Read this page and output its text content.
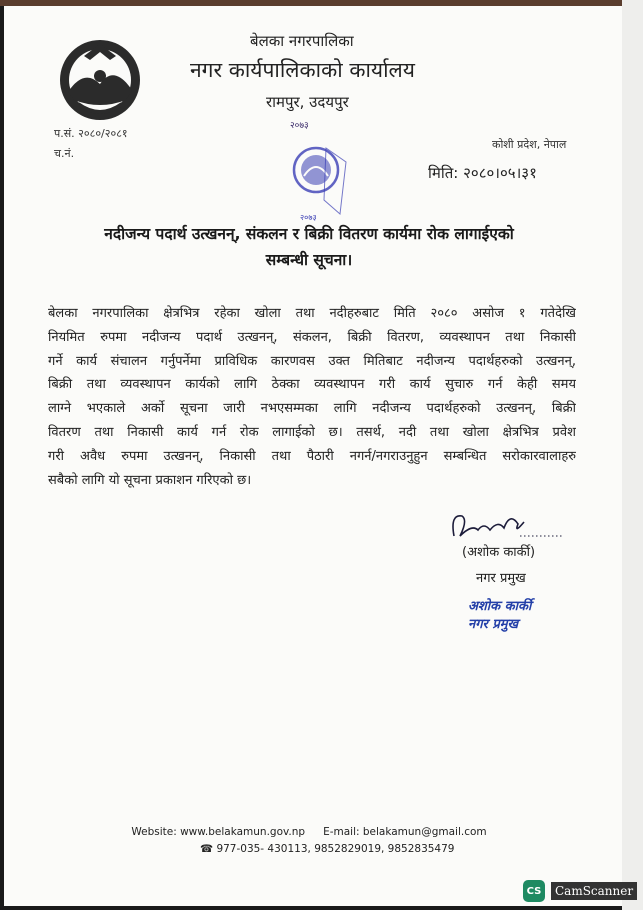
बेलका नगरपालिका
नगर कार्यपालिकाको कार्यालय
रामपुर, उदयपुर
प.सं. २०८०/२०८१
च.नं.
कोशी प्रदेश, नेपाल
मिति: २०८०।०५।३१
२०७३
२०७३
नदीजन्य पदार्थ उत्खनन्, संकलन र बिक्री वितरण कार्यमा रोक लागाईएको
सम्बन्धी सूचना।
बेलका नगरपालिका क्षेत्रभित्र रहेका खोला तथा नदीहरुबाट मिति २०८० असोज १ गतेदेखि
नियमित रुपमा नदीजन्य पदार्थ उत्खनन्, संकलन, बिक्री वितरण, व्यवस्थापन तथा निकासी
गर्ने कार्य संचालन गर्नुपर्नेमा प्राविधिक कारणवस उक्त मितिबाट नदीजन्य पदार्थहरुको उत्खनन्,
बिक्री तथा व्यवस्थापन कार्यको लागि ठेक्का व्यवस्थापन गरी कार्य सुचारु गर्न केही समय
लाग्ने भएकाले अर्को सूचना जारी नभएसम्मका लागि नदीजन्य पदार्थहरुको उत्खनन्, बिक्री
वितरण तथा निकासी कार्य गर्न रोक लागाईको छ। तसर्थ, नदी तथा खोला क्षेत्रभित्र प्रवेश
गरी अवैध रुपमा उत्खनन्, निकासी तथा पैठारी नगर्न/नगराउनुहुन सम्बन्धित सरोकारवालाहरु
सबैको लागि यो सूचना प्रकाशन गरिएको छ।
(अशोक कार्की)
नगर प्रमुख
अशोक कार्की
नगर प्रमुख
Website: www.belakamun.gov.np E-mail: belakamun@gmail.com
☎ 977-035- 430113, 9852829019, 9852835479
CS	CamScanner
